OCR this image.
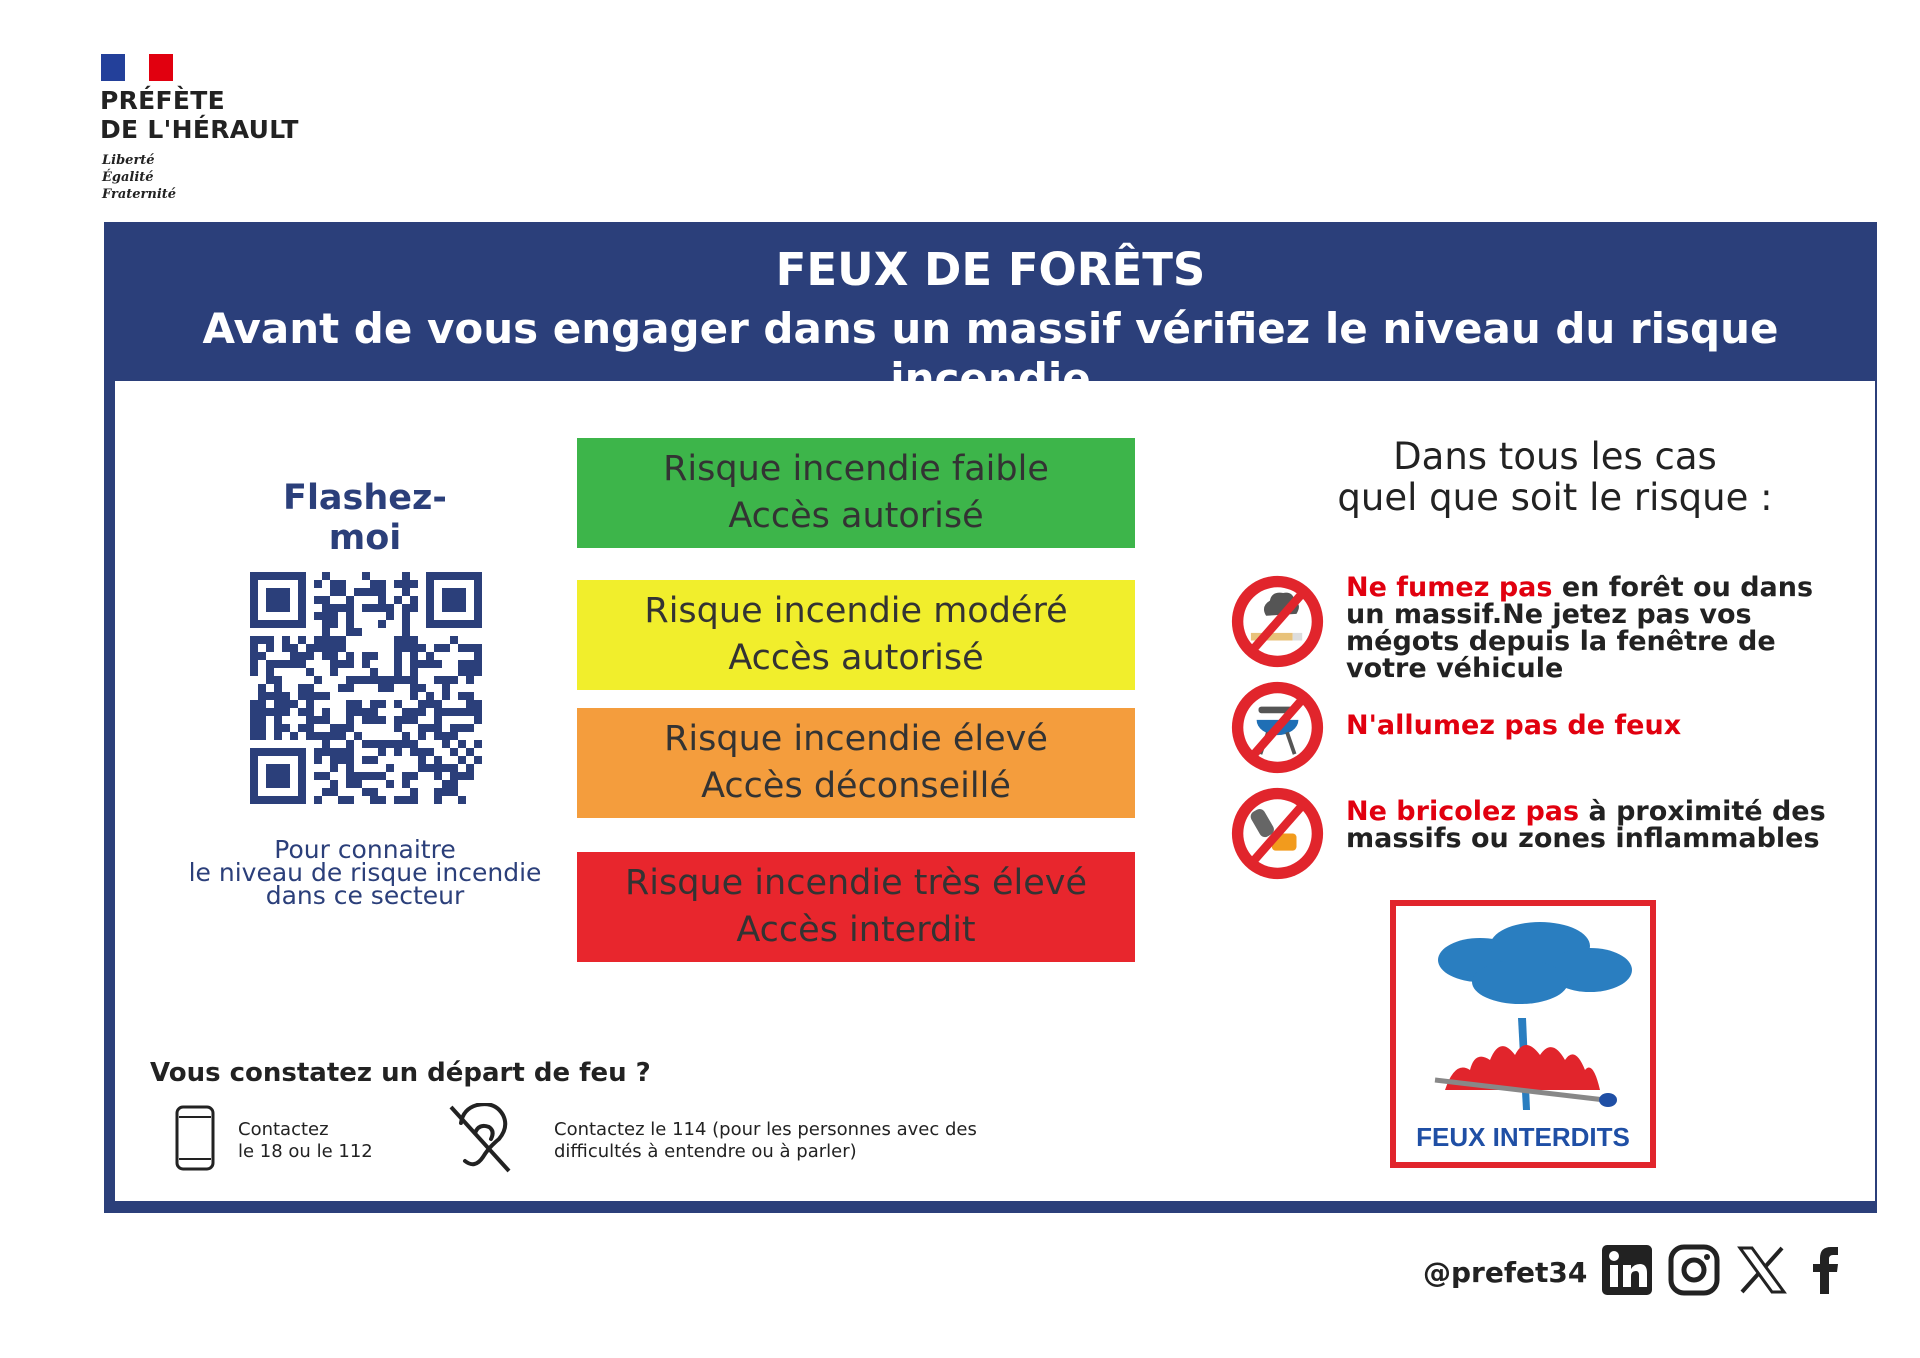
PRÉFÈTE
DE L'HÉRAULT
Liberté
Égalité
Fraternité
FEUX DE FORÊTS
Avant de vous engager dans un massif vérifiez le niveau du risque incendie
Flashez-moi
Pour connaitre
le niveau de risque incendie
dans ce secteur
Risque incendie faible
Accès autorisé
Risque incendie modéré
Accès autorisé
Risque incendie élevé
Accès déconseillé
Risque incendie très élevé
Accès interdit
Dans tous les cas
quel que soit le risque :
Ne fumez pas en forêt ou dans un massif.Ne jetez pas vos mégots depuis la fenêtre de votre véhicule
N'allumez pas de feux
Ne bricolez pas à proximité des massifs ou zones inflammables
FEUX INTERDITS
Vous constatez un départ de feu ?
Contactez
le 18 ou le 112
Contactez le 114 (pour les personnes avec des
difficultés à entendre ou à parler)
@prefet34
